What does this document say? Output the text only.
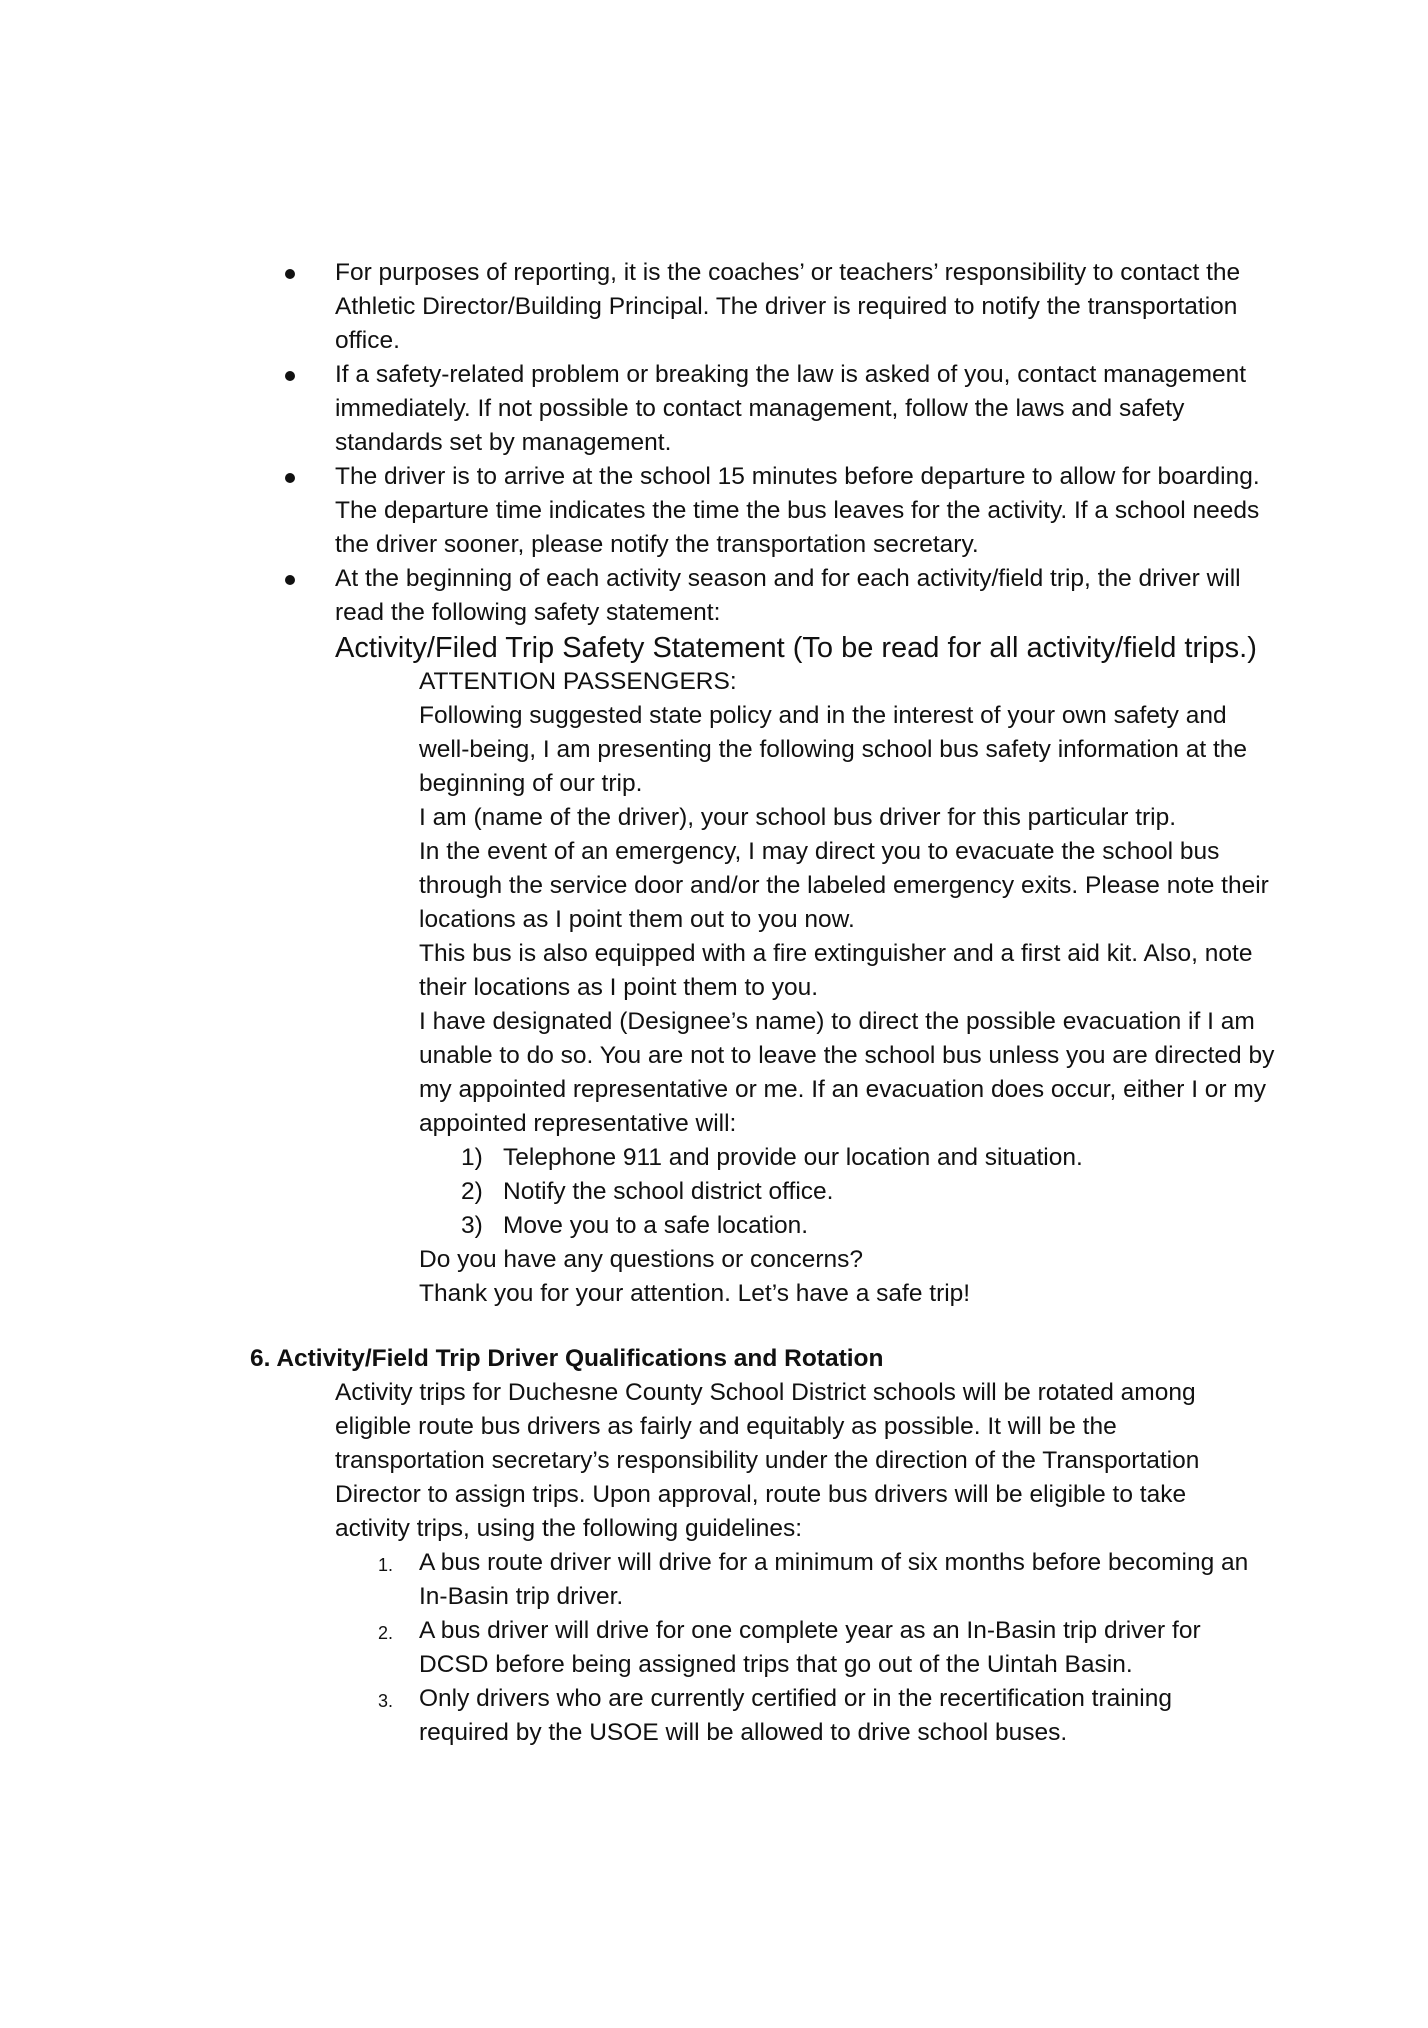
For purposes of reporting, it is the coaches’ or teachers’ responsibility to contact the Athletic Director/Building Principal. The driver is required to notify the transportation office.

If a safety-related problem or breaking the law is asked of you, contact management immediately. If not possible to contact management, follow the laws and safety standards set by management.

The driver is to arrive at the school 15 minutes before departure to allow for boarding. The departure time indicates the time the bus leaves for the activity. If a school needs the driver sooner, please notify the transportation secretary.

At the beginning of each activity season and for each activity/field trip, the driver will read the following safety statement:

Activity/Filed Trip Safety Statement (To be read for all activity/field trips.)

ATTENTION PASSENGERS:

Following suggested state policy and in the interest of your own safety and well-being, I am presenting the following school bus safety information at the beginning of our trip.

I am (name of the driver), your school bus driver for this particular trip.

In the event of an emergency, I may direct you to evacuate the school bus through the service door and/or the labeled emergency exits. Please note their locations as I point them out to you now.

This bus is also equipped with a fire extinguisher and a first aid kit. Also, note their locations as I point them to you.

I have designated (Designee’s name) to direct the possible evacuation if I am unable to do so. You are not to leave the school bus unless you are directed by my appointed representative or me. If an evacuation does occur, either I or my appointed representative will:

1) Telephone 911 and provide our location and situation.
2) Notify the school district office.
3) Move you to a safe location.

Do you have any questions or concerns?

Thank you for your attention. Let’s have a safe trip!

6. Activity/Field Trip Driver Qualifications and Rotation

Activity trips for Duchesne County School District schools will be rotated among eligible route bus drivers as fairly and equitably as possible. It will be the transportation secretary’s responsibility under the direction of the Transportation Director to assign trips. Upon approval, route bus drivers will be eligible to take activity trips, using the following guidelines:

1. A bus route driver will drive for a minimum of six months before becoming an In-Basin trip driver.
2. A bus driver will drive for one complete year as an In-Basin trip driver for DCSD before being assigned trips that go out of the Uintah Basin.
3. Only drivers who are currently certified or in the recertification training required by the USOE will be allowed to drive school buses.
